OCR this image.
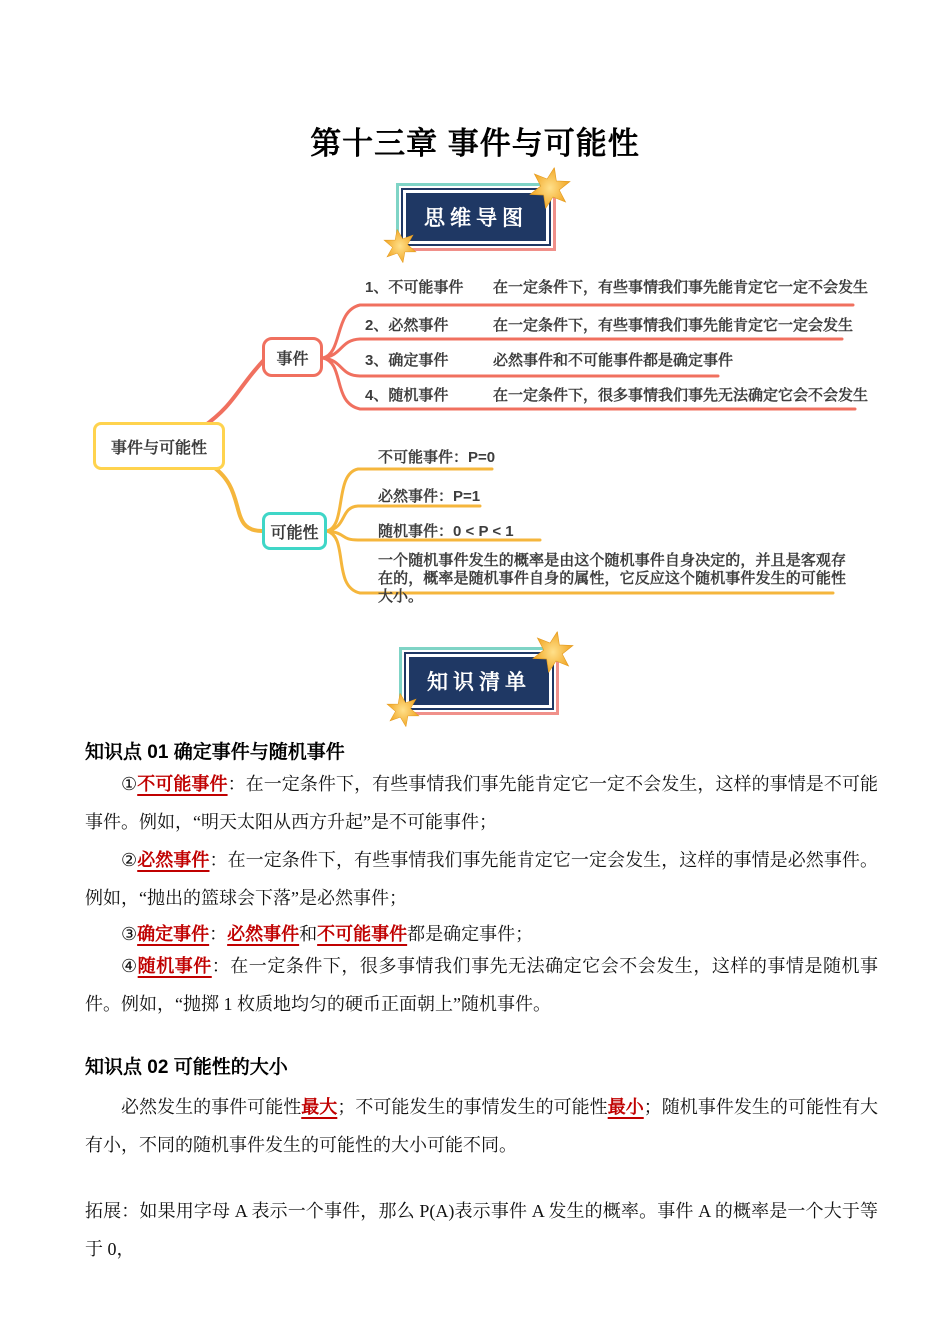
第十三章 事件与可能性
思维导图
事件与可能性
事件
可能性
1、不可能事件	在一定条件下，有些事情我们事先能肯定它一定不会发生
2、必然事件	在一定条件下，有些事情我们事先能肯定它一定会发生
3、确定事件	必然事件和不可能事件都是确定事件
4、随机事件	在一定条件下，很多事情我们事先无法确定它会不会发生
不可能事件：P=0
必然事件：P=1
随机事件：0 < P < 1
一个随机事件发生的概率是由这个随机事件自身决定的，并且是客观存在的，概率是随机事件自身的属性，它反应这个随机事件发生的可能性大小。
知识清单
知识点 01 确定事件与随机事件

①不可能事件：在一定条件下，有些事情我们事先能肯定它一定不会发生，这样的事情是不可能事件。例如，“明天太阳从西方升起”是不可能事件；

②必然事件：在一定条件下，有些事情我们事先能肯定它一定会发生，这样的事情是必然事件。例如，“抛出的篮球会下落”是必然事件；

③确定事件：必然事件和不可能事件都是确定事件；

④随机事件：在一定条件下，很多事情我们事先无法确定它会不会发生，这样的事情是随机事件。例如，“抛掷 1 枚质地均匀的硬币正面朝上”随机事件。

知识点 02 可能性的大小

必然发生的事件可能性最大；不可能发生的事情发生的可能性最小；随机事件发生的可能性有大有小，不同的随机事件发生的可能性的大小可能不同。

拓展：如果用字母 A 表示一个事件，那么 P(A)表示事件 A 发生的概率。事件 A 的概率是一个大于等于 0，
